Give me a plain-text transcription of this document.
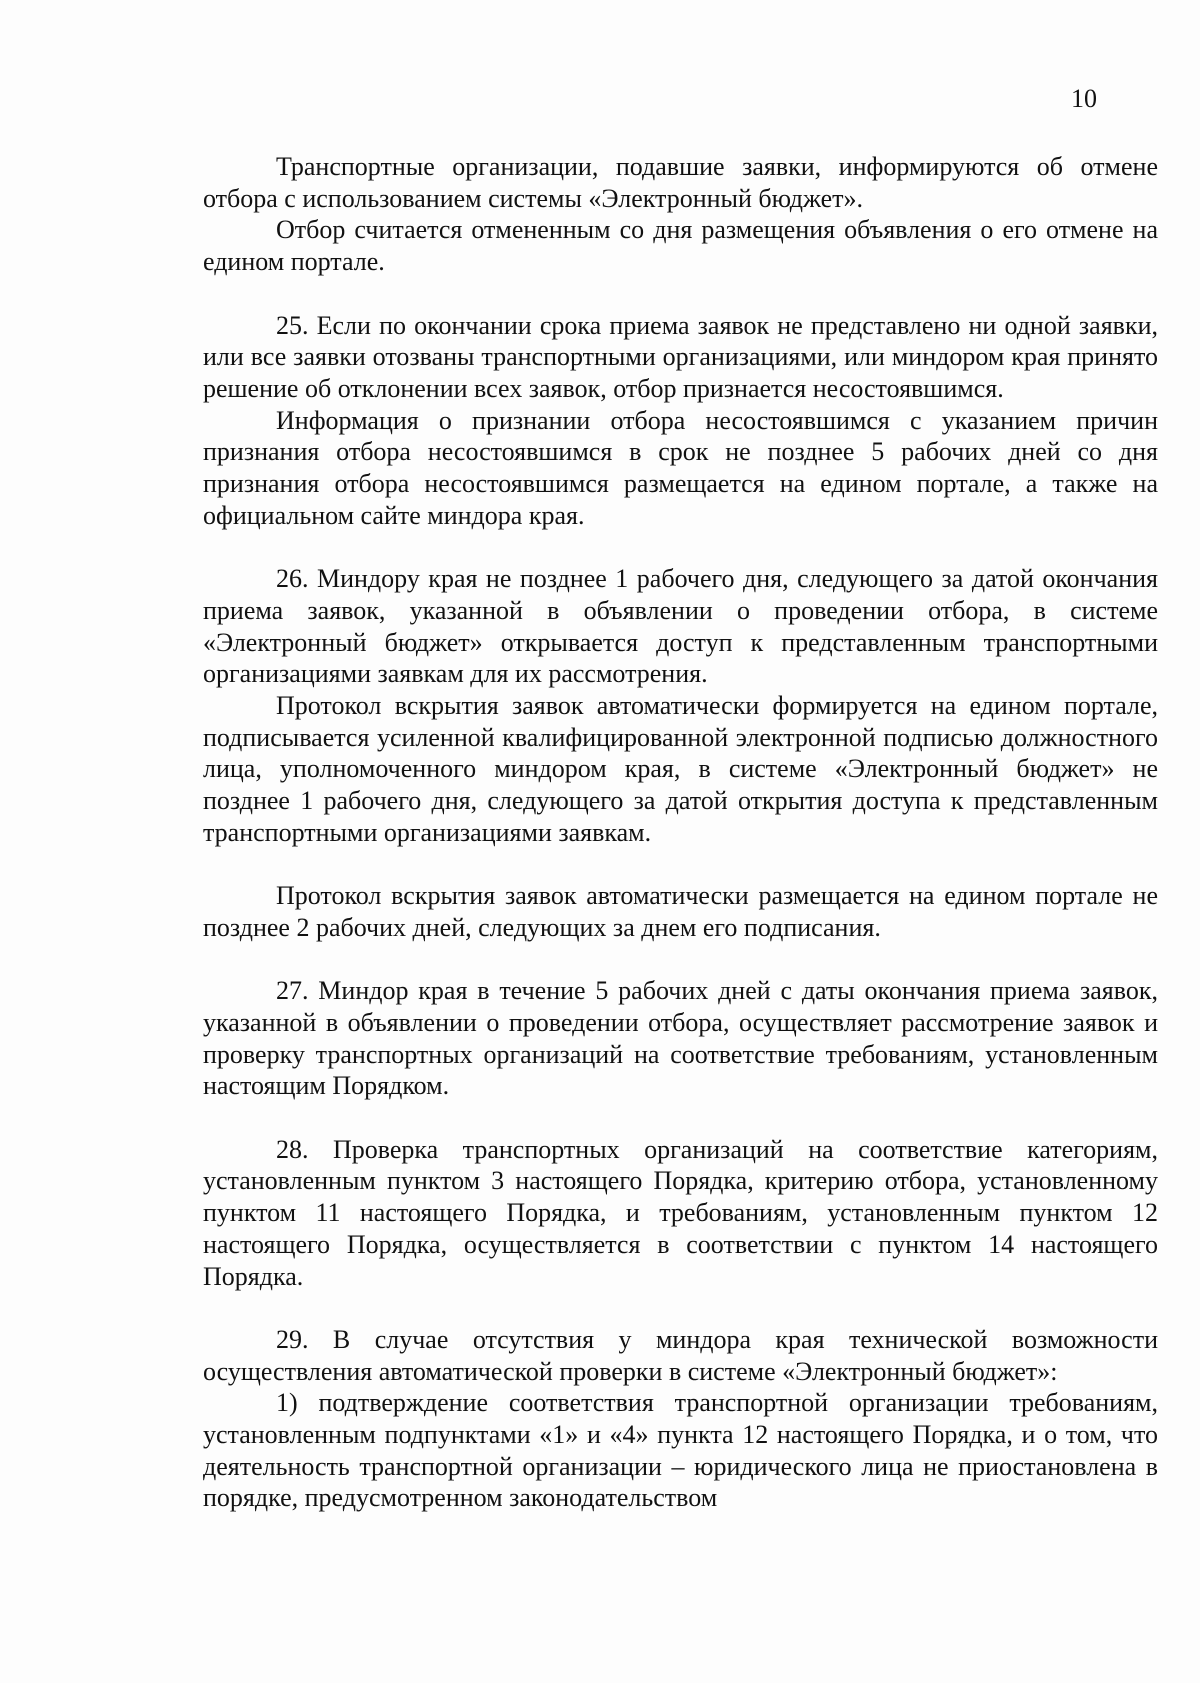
10

Транспортные организации, подавшие заявки, информируются об отмене отбора с использованием системы «Электронный бюджет».

Отбор считается отмененным со дня размещения объявления о его отмене на едином портале.

25. Если по окончании срока приема заявок не представлено ни одной заявки, или все заявки отозваны транспортными организациями, или миндором края принято решение об отклонении всех заявок, отбор признается несостоявшимся.

Информация о признании отбора несостоявшимся с указанием причин признания отбора несостоявшимся в срок не позднее 5 рабочих дней со дня признания отбора несостоявшимся размещается на едином портале, а также на официальном сайте миндора края.

26. Миндору края не позднее 1 рабочего дня, следующего за датой окончания приема заявок, указанной в объявлении о проведении отбора, в системе «Электронный бюджет» открывается доступ к представленным транспортными организациями заявкам для их рассмотрения.

Протокол вскрытия заявок автоматически формируется на едином портале, подписывается усиленной квалифицированной электронной подписью должностного лица, уполномоченного миндором края, в системе «Электронный бюджет» не позднее 1 рабочего дня, следующего за датой открытия доступа к представленным транспортными организациями заявкам.

Протокол вскрытия заявок автоматически размещается на едином портале не позднее 2 рабочих дней, следующих за днем его подписания.

27. Миндор края в течение 5 рабочих дней с даты окончания приема заявок, указанной в объявлении о проведении отбора, осуществляет рассмотрение заявок и проверку транспортных организаций на соответствие требованиям, установленным настоящим Порядком.

28. Проверка транспортных организаций на соответствие категориям, установленным пунктом 3 настоящего Порядка, критерию отбора, установленному пунктом 11 настоящего Порядка, и требованиям, установленным пунктом 12 настоящего Порядка, осуществляется в соответствии с пунктом 14 настоящего Порядка.

29. В случае отсутствия у миндора края технической возможности осуществления автоматической проверки в системе «Электронный бюджет»:

1) подтверждение соответствия транспортной организации требованиям, установленным подпунктами «1» и «4» пункта 12 настоящего Порядка, и о том, что деятельность транспортной организации – юридического лица не приостановлена в порядке, предусмотренном законодательством
